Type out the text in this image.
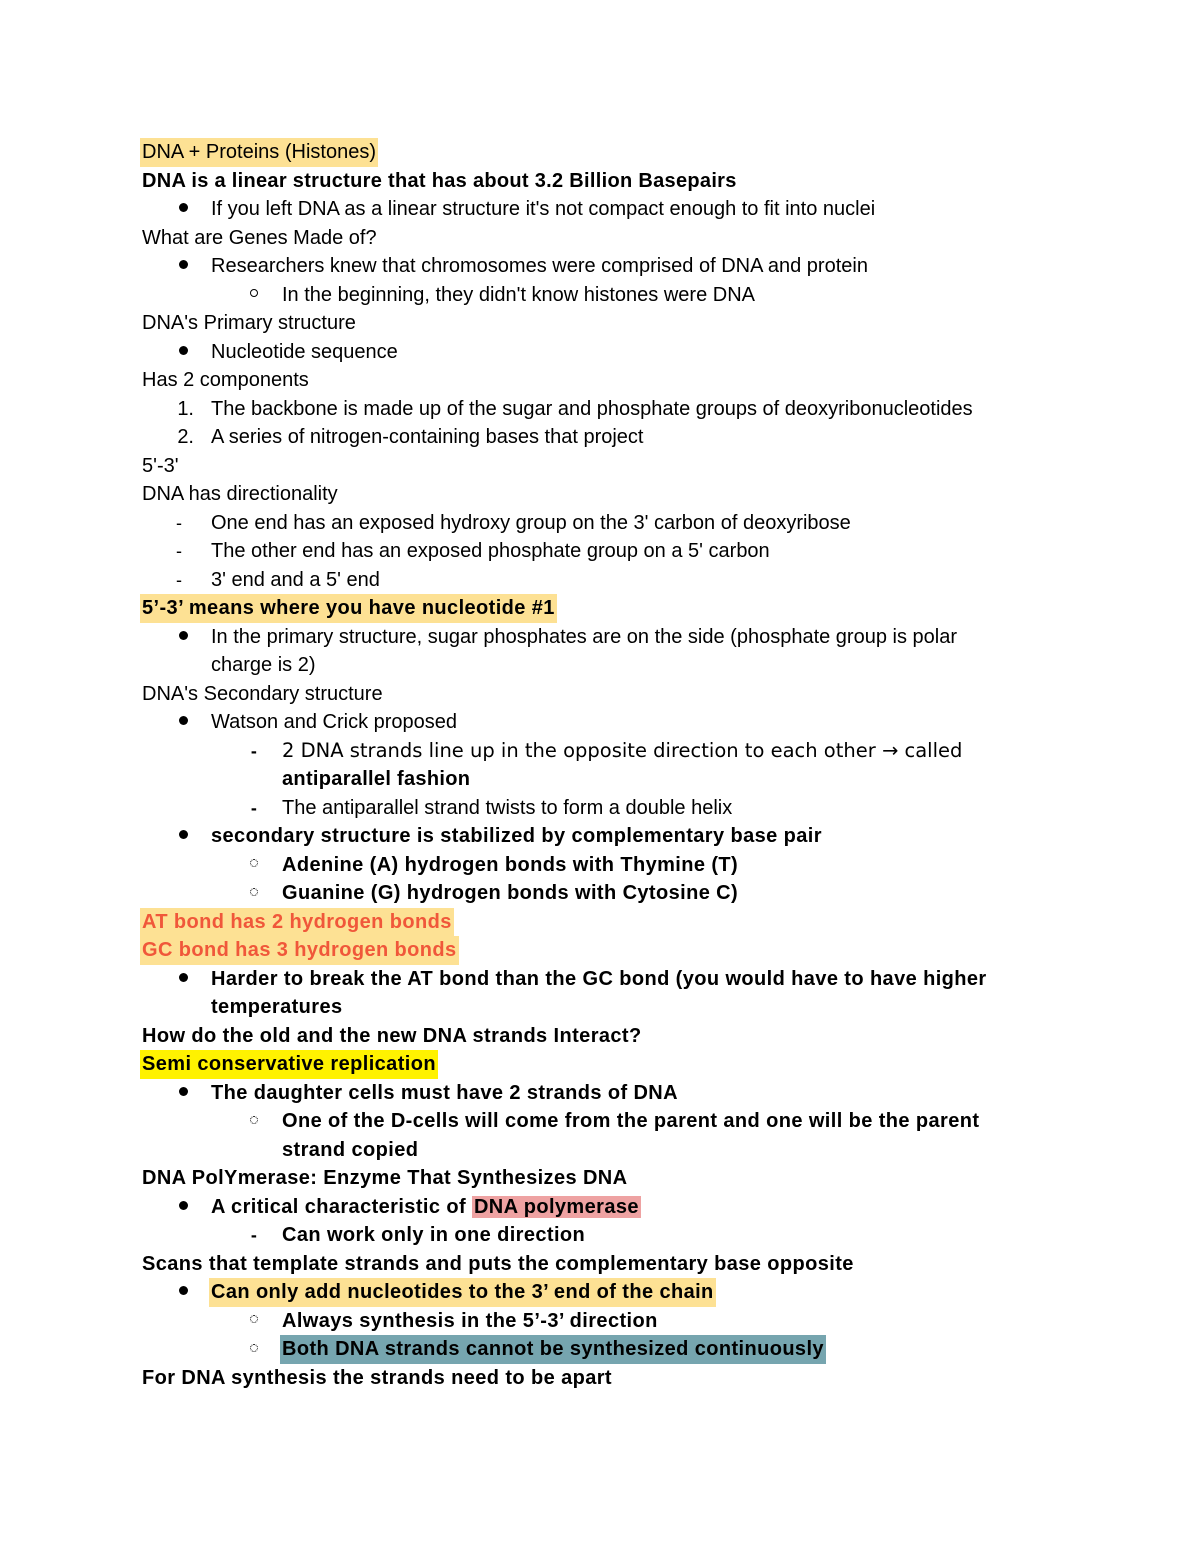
DNA + Proteins (Histones)
DNA is a linear structure that has about 3.2 Billion Basepairs
If you left DNA as a linear structure it's not compact enough to fit into nuclei
What are Genes Made of?
Researchers knew that chromosomes were comprised of DNA and protein
In the beginning, they didn't know histones were DNA
DNA's Primary structure
Nucleotide sequence
Has 2 components
1. The backbone is made up of the sugar and phosphate groups of deoxyribonucleotides
2. A series of nitrogen-containing bases that project
5'-3'
DNA has directionality
-	One end has an exposed hydroxy group on the 3' carbon of deoxyribose
-	The other end has an exposed phosphate group on a 5' carbon
-	3' end and a 5' end
5’-3’ means where you have nucleotide #1
In the primary structure, sugar phosphates are on the side (phosphate group is polar
charge is 2)
DNA's Secondary structure
Watson and Crick proposed
-	2 DNA strands line up in the opposite direction to each other → called
antiparallel fashion
-	The antiparallel strand twists to form a double helix
secondary structure is stabilized by complementary base pair
Adenine (A) hydrogen bonds with Thymine (T)
Guanine (G) hydrogen bonds with Cytosine C)
AT bond has 2 hydrogen bonds
GC bond has 3 hydrogen bonds
Harder to break the AT bond than the GC bond (you would have to have higher
temperatures
How do the old and the new DNA strands Interact?
Semi conservative replication
The daughter cells must have 2 strands of DNA
One of the D-cells will come from the parent and one will be the parent
strand copied
DNA PolYmerase: Enzyme That Synthesizes DNA
A critical characteristic of DNA polymerase
-	Can work only in one direction
Scans that template strands and puts the complementary base opposite
Can only add nucleotides to the 3’ end of the chain
Always synthesis in the 5’-3’ direction
Both DNA strands cannot be synthesized continuously
For DNA synthesis the strands need to be apart
